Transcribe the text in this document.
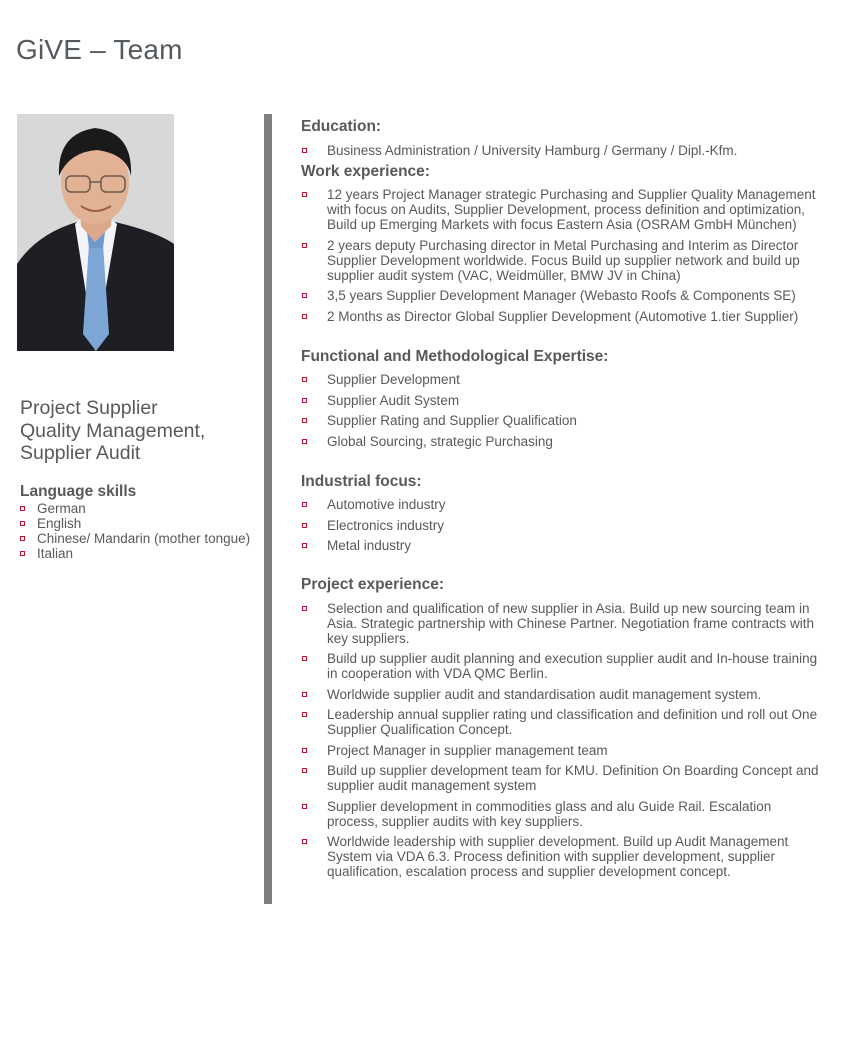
GiVE – Team
Project Supplier
Quality Management,
Supplier Audit
Language skills
German
English
Chinese/ Mandarin (mother tongue)
Italian
Education:
Business Administration / University Hamburg / Germany / Dipl.-Kfm.
Work experience:
12 years Project Manager strategic Purchasing and Supplier Quality Management
with focus on Audits, Supplier Development, process definition and optimization,
Build up Emerging Markets with focus Eastern Asia (OSRAM GmbH München)
2 years deputy Purchasing director in Metal Purchasing and Interim as Director
Supplier Development worldwide. Focus Build up supplier network and build up
supplier audit system (VAC, Weidmüller, BMW JV in China)
3,5 years Supplier Development Manager (Webasto Roofs & Components SE)
2 Months as Director Global Supplier Development (Automotive 1.tier Supplier)
Functional and Methodological Expertise:
Supplier Development
Supplier Audit System
Supplier Rating and Supplier Qualification
Global Sourcing, strategic Purchasing
Industrial focus:
Automotive industry
Electronics industry
Metal industry
Project experience:
Selection and qualification of new supplier in Asia. Build up new sourcing team in
Asia. Strategic partnership with Chinese Partner. Negotiation frame contracts with
key suppliers.
Build up supplier audit planning and execution supplier audit and In-house training
in cooperation with VDA QMC Berlin.
Worldwide supplier audit and standardisation audit management system.
Leadership annual supplier rating und classification and definition und roll out One
Supplier Qualification Concept.
Project Manager in supplier management team
Build up supplier development team for KMU. Definition On Boarding Concept and
supplier audit management system
Supplier development in commodities glass and alu Guide Rail. Escalation
process, supplier audits with key suppliers.
Worldwide leadership with supplier development. Build up Audit Management
System via VDA 6.3. Process definition with supplier development, supplier
qualification, escalation process and supplier development concept.
